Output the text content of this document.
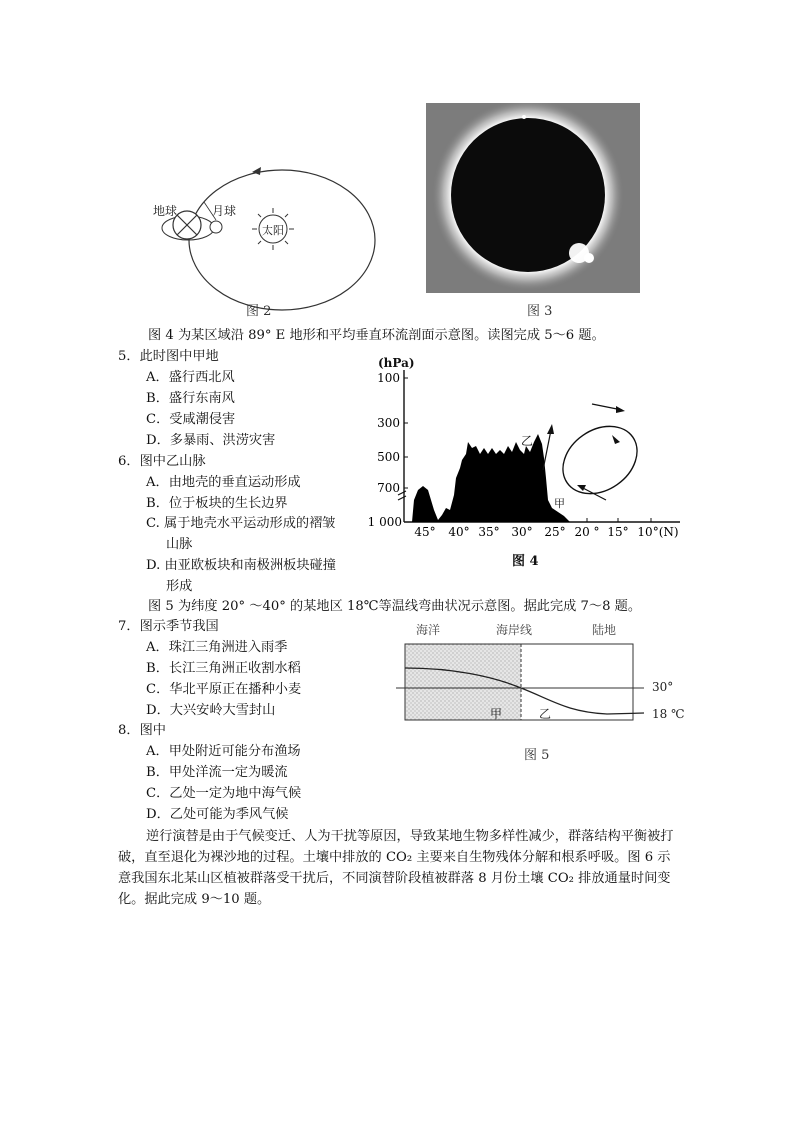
地球	月球
太阳
图 2	图 3
图 4 为某区域沿 89° E 地形和平均垂直环流剖面示意图。读图完成 5～6 题。
5．此时图中甲地
A．盛行西北风
B．盛行东南风
C．受咸潮侵害
D．多暴雨、洪涝灾害
6．图中乙山脉
A．由地壳的垂直运动形成
B．位于板块的生长边界
C. 属于地壳水平运动形成的褶皱
山脉
D. 由亚欧板块和南极洲板块碰撞
形成
(hPa)
100
300
500
700
1 000
45° 40° 35° 30° 25° 20 ° 15° 10°(N)
乙
甲
图 4
图 5 为纬度 20° ～40° 的某地区 18℃等温线弯曲状况示意图。据此完成 7～8 题。
7．图示季节我国
A．珠江三角洲进入雨季
B．长江三角洲正收割水稻
C．华北平原正在播种小麦
D．大兴安岭大雪封山
8．图中
A．甲处附近可能分布渔场
B．甲处洋流一定为暖流
C．乙处一定为地中海气候
D．乙处可能为季风气候
海洋	海岸线	陆地
30°
18 ℃
甲	乙
图 5
逆行演替是由于气候变迁、人为干扰等原因，导致某地生物多样性减少，群落结构平衡被打破，直至退化为裸沙地的过程。土壤中排放的 CO₂ 主要来自生物残体分解和根系呼吸。图 6 示意我国东北某山区植被群落受干扰后，不同演替阶段植被群落 8 月份土壤 CO₂ 排放通量时间变化。据此完成 9～10 题。
